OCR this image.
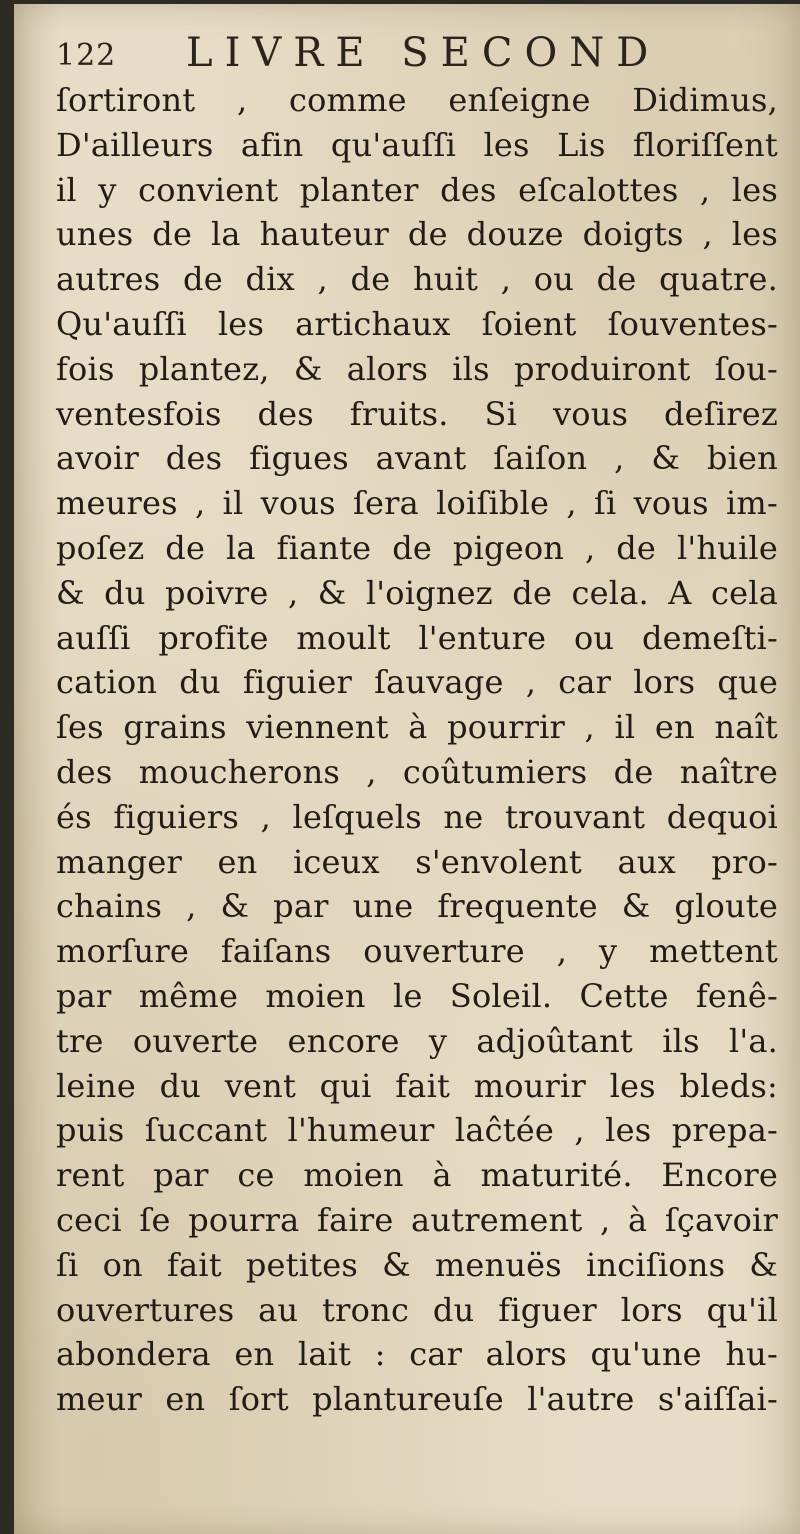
122 LIVRE SECOND
ſortiront , comme enſeigne Didimus,
D'ailleurs afin qu'auſſi les Lis floriſſent
il y convient planter des eſcalottes , les
unes de la hauteur de douze doigts , les
autres de dix , de huit , ou de quatre.
Qu'auſſi les artichaux ſoient ſouventes-
fois plantez, & alors ils produiront ſou-
ventesfois des fruits. Si vous deſirez
avoir des figues avant ſaiſon , & bien
meures , il vous ſera loiſible , ſi vous im-
poſez de la fiante de pigeon , de l'huile
& du poivre , & l'oignez de cela. A cela
auſſi profite moult l'enture ou demeſti-
cation du figuier ſauvage , car lors que
ſes grains viennent à pourrir , il en naît
des moucherons , coûtumiers de naître
és figuiers , leſquels ne trouvant dequoi
manger en iceux s'envolent aux pro-
chains , & par une frequente & gloute
morſure faiſans ouverture , y mettent
par même moien le Soleil. Cette fenê-
tre ouverte encore y adjoûtant ils l'a.
leine du vent qui fait mourir les bleds:
puis ſuccant l'humeur laĉtée , les prepa-
rent par ce moien à maturité. Encore
ceci ſe pourra faire autrement , à ſçavoir
ſi on fait petites & menuës inciſions &
ouvertures au tronc du figuer lors qu'il
abondera en lait : car alors qu'une hu-
meur en ſort plantureuſe l'autre s'aiſſai-
